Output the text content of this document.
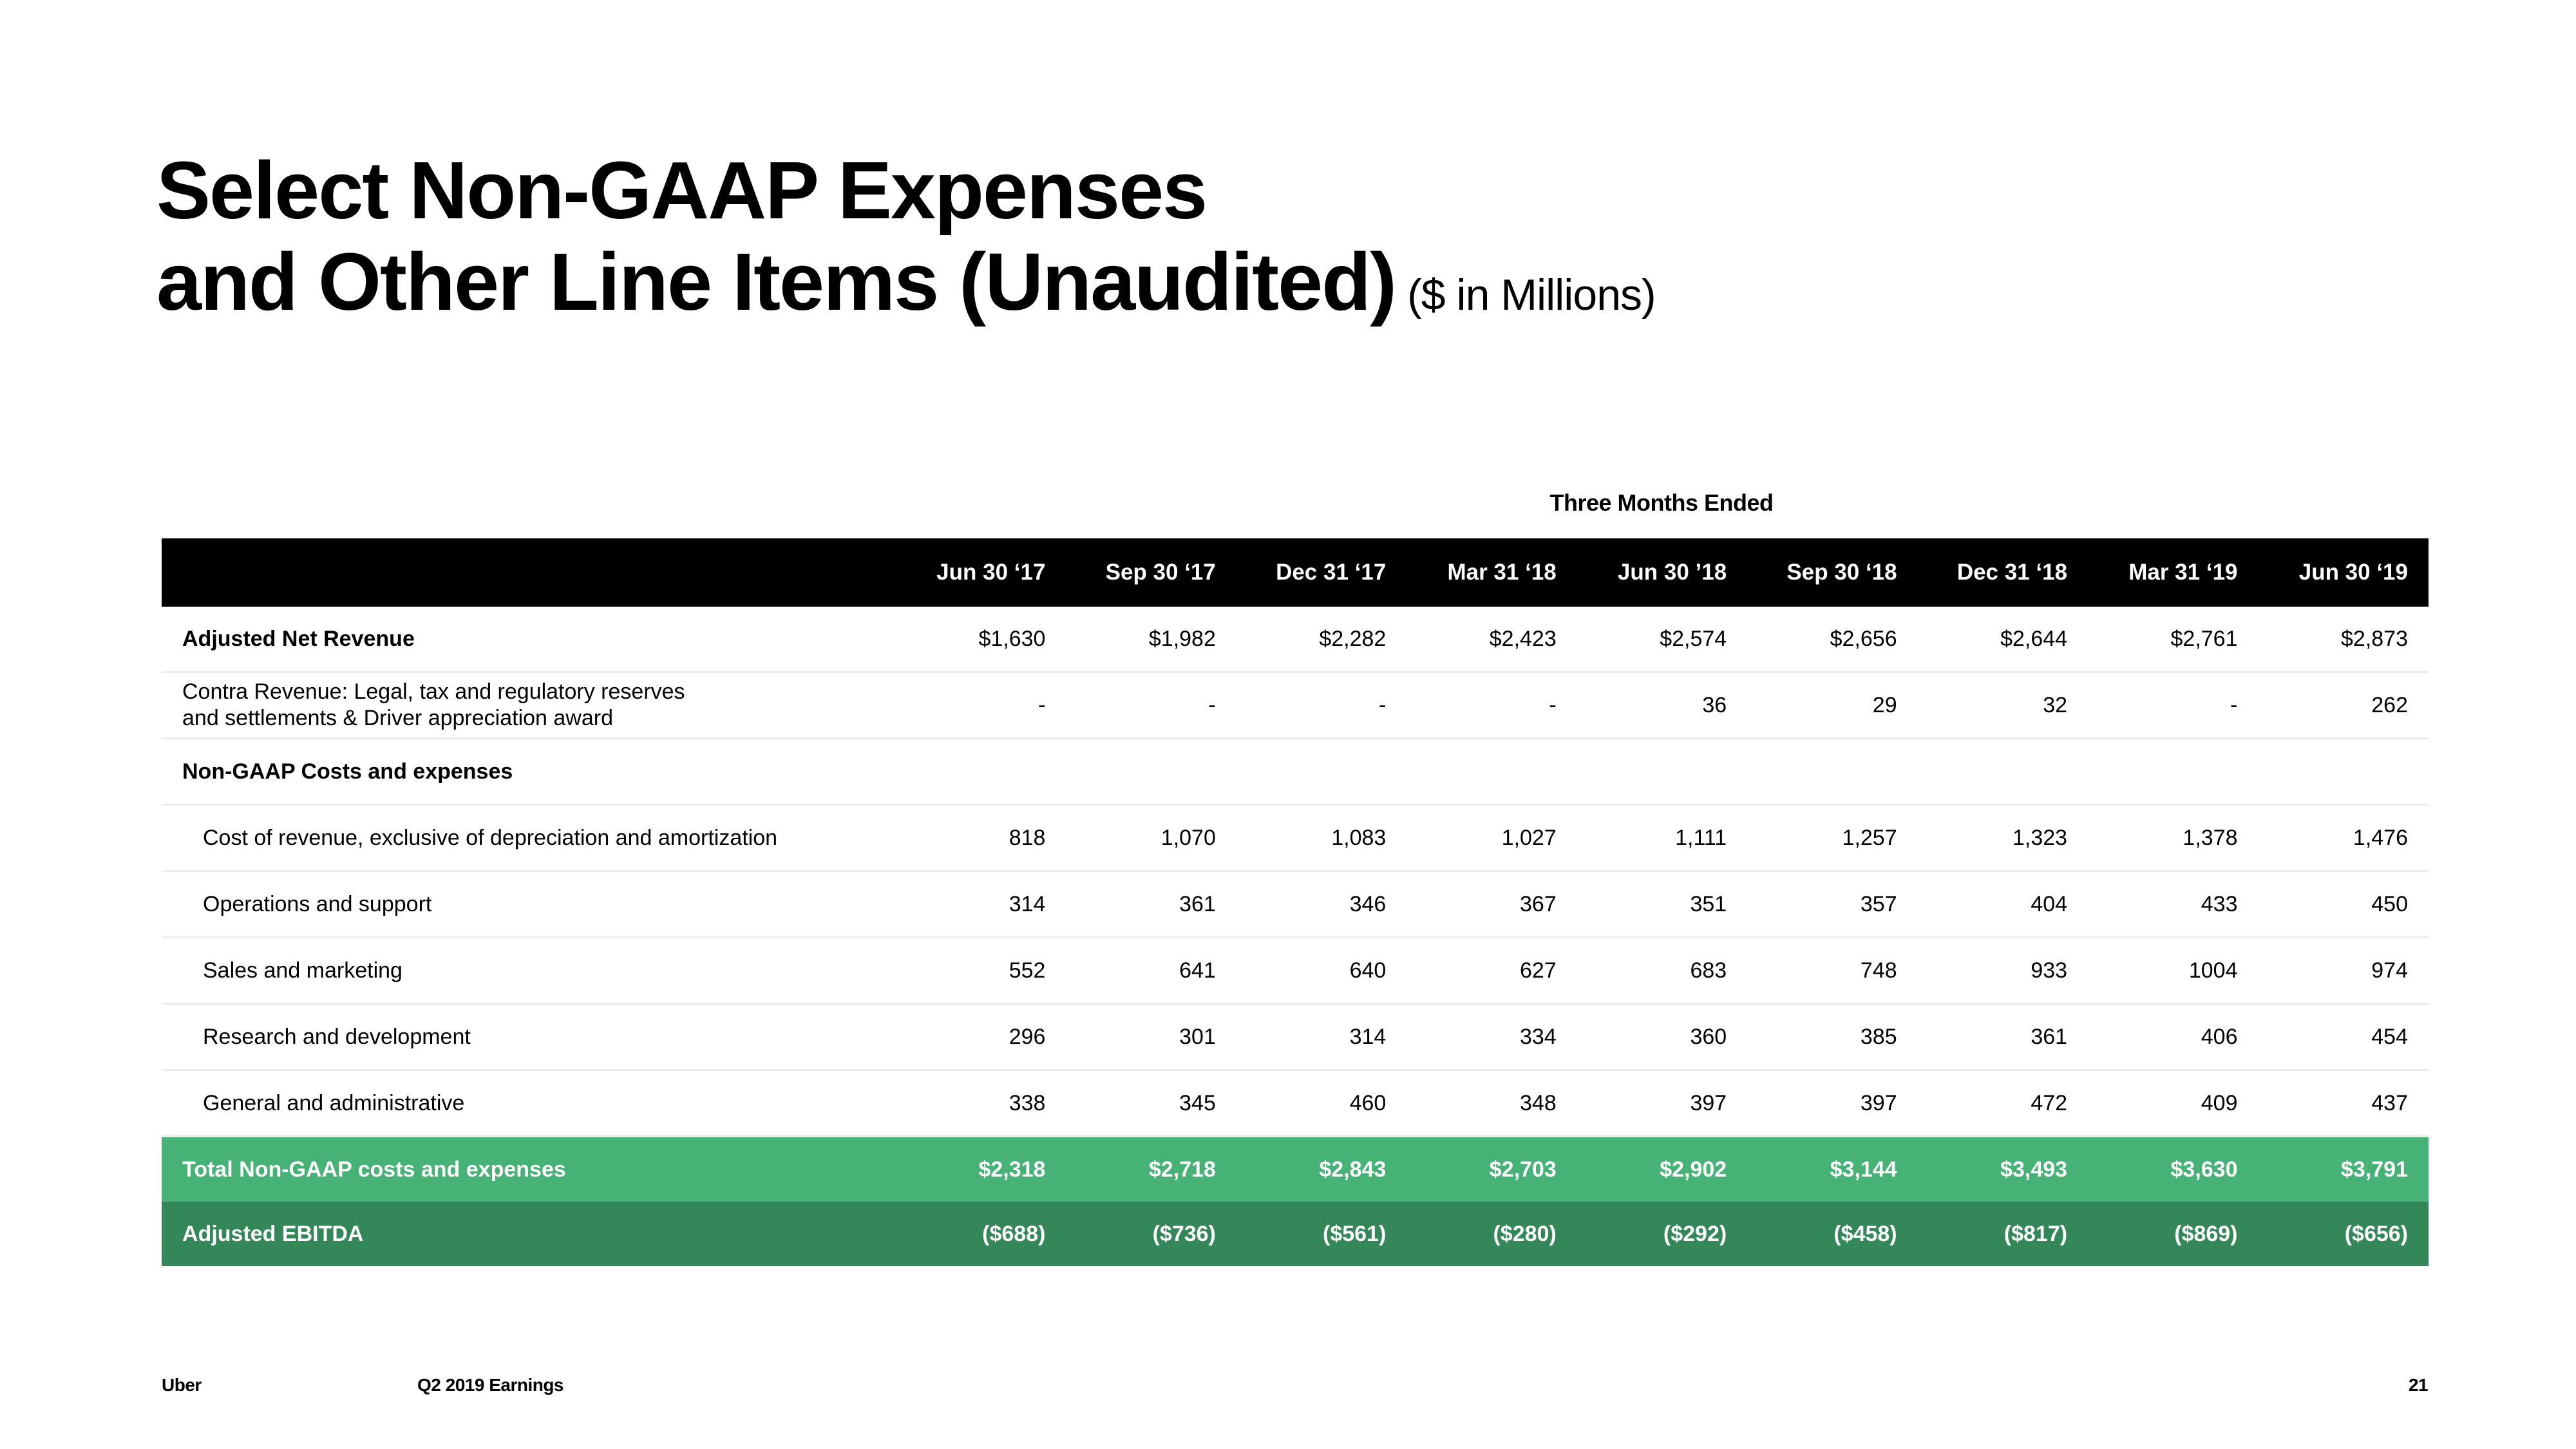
Select Non-GAAP Expenses
and Other Line Items (Unaudited) ($ in Millions)
Three Months Ended
	Jun 30 ‘17	Sep 30 ‘17	Dec 31 ‘17	Mar 31 ‘18	Jun 30 ’18	Sep 30 ‘18	Dec 31 ‘18	Mar 31 ‘19	Jun 30 ‘19
Adjusted Net Revenue	$1,630	$1,982	$2,282	$2,423	$2,574	$2,656	$2,644	$2,761	$2,873
Contra Revenue: Legal, tax and regulatory reserves
and settlements & Driver appreciation award	-	-	-	-	36	29	32	-	262
Non-GAAP Costs and expenses									
Cost of revenue, exclusive of depreciation and amortization	818	1,070	1,083	1,027	1,111	1,257	1,323	1,378	1,476
Operations and support	314	361	346	367	351	357	404	433	450
Sales and marketing	552	641	640	627	683	748	933	1004	974
Research and development	296	301	314	334	360	385	361	406	454
General and administrative	338	345	460	348	397	397	472	409	437
Total Non-GAAP costs and expenses	$2,318	$2,718	$2,843	$2,703	$2,902	$3,144	$3,493	$3,630	$3,791
Adjusted EBITDA	($688)	($736)	($561)	($280)	($292)	($458)	($817)	($869)	($656)
Uber	Q2 2019 Earnings	21
